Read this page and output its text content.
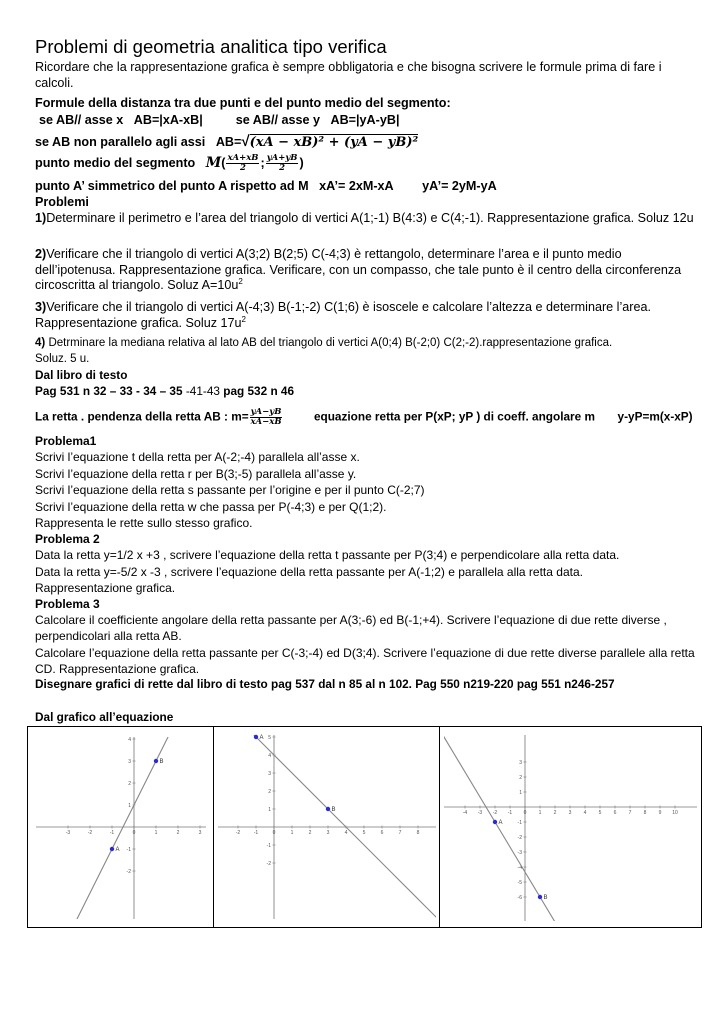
Problemi di geometria analitica tipo verifica
Ricordare che la rappresentazione grafica è sempre obbligatoria e che bisogna scrivere le formule prima di fare i calcoli.
Formule della distanza tra due punti e del punto medio del segmento:
se AB// asse x AB=|xA-xB|	se AB// asse y AB=|yA-yB|
se AB non parallelo agli assi AB=√(xA − xB)² + (yA − yB)²
punto medio del segmento $M( \frac{xA+xB}{2}$ ; $\frac{yA+yB}{2}$ )
punto A’ simmetrico del punto A rispetto ad M xA’= 2xM-xA yA’= 2yM-yA
Problemi
1)Determinare il perimetro e l’area del triangolo di vertici A(1;-1) B(4:3) e C(4;-1). Rappresentazione grafica. Soluz 12u
2)Verificare che il triangolo di vertici A(3;2) B(2;5) C(-4;3) è rettangolo, determinare l’area e il punto medio dell’ipotenusa. Rappresentazione grafica. Verificare, con un compasso, che tale punto è il centro della circonferenza circoscritta al triangolo. Soluz $A=10u^2$
3)Verificare che il triangolo di vertici A(-4;3) B(-1;-2) C(1;6) è isoscele e calcolare l’altezza e determinare l’area. Rappresentazione grafica. Soluz $17u^2$
4) Detrminare la mediana relativa al lato AB del triangolo di vertici A(0;4) B(-2;0) C(2;-2).rappresentazione grafica.
Soluz. 5 u.
Dal libro di testo
Pag 531 n 32 – 33 - 34 – 35 -41-43 pag 532 n 46
La retta . pendenza della retta AB : $m= \frac{yA-yB}{xA-xB}$	equazione retta per P(xP; yP ) di coeff. angolare m y-yP=m(x-xP)
Problema1
Scrivi l’equazione t della retta per A(-2;-4) parallela all’asse x.
Scrivi l’equazione della retta r per B(3;-5) parallela all’asse y.
Scrivi l’equazione della retta s passante per l’origine e per il punto C(-2;7)
Scrivi l’equazione della retta w che passa per P(-4;3) e per Q(1;2).
Rappresenta le rette sullo stesso grafico.
Problema 2
Data la retta y=1/2 x +3 , scrivere l’equazione della retta t passante per P(3;4) e perpendicolare alla retta data.
Data la retta y=-5/2 x -3 , scrivere l’equazione della retta passante per A(-1;2) e parallela alla retta data.
Rappresentazione grafica.
Problema 3
Calcolare il coefficiente angolare della retta passante per A(3;-6) ed B(-1;+4). Scrivere l’equazione di due rette diverse , perpendicolari alla retta AB.
Calcolare l’equazione della retta passante per C(-3;-4) ed D(3;4). Scrivere l’equazione di due rette diverse parallele alla retta CD. Rappresentazione grafica.
Disegnare grafici di rette dal libro di testo pag 537 dal n 85 al n 102. Pag 550 n219-220 pag 551 n246-257
Dal grafico all’equazione
-3	-2	-1	0	1	2	3
4
3
2
1
-1
-2
A
B
-2	-1	0	1	2	3	4	5	6	7	8
5
4
3
2
1
-1
-2
A
B	-4 -3 -2 -1 0 1 2 3 4 5 6 7 8 9 10
3
2
1
-1
-2
-3
-4
-5
-6
A
B
